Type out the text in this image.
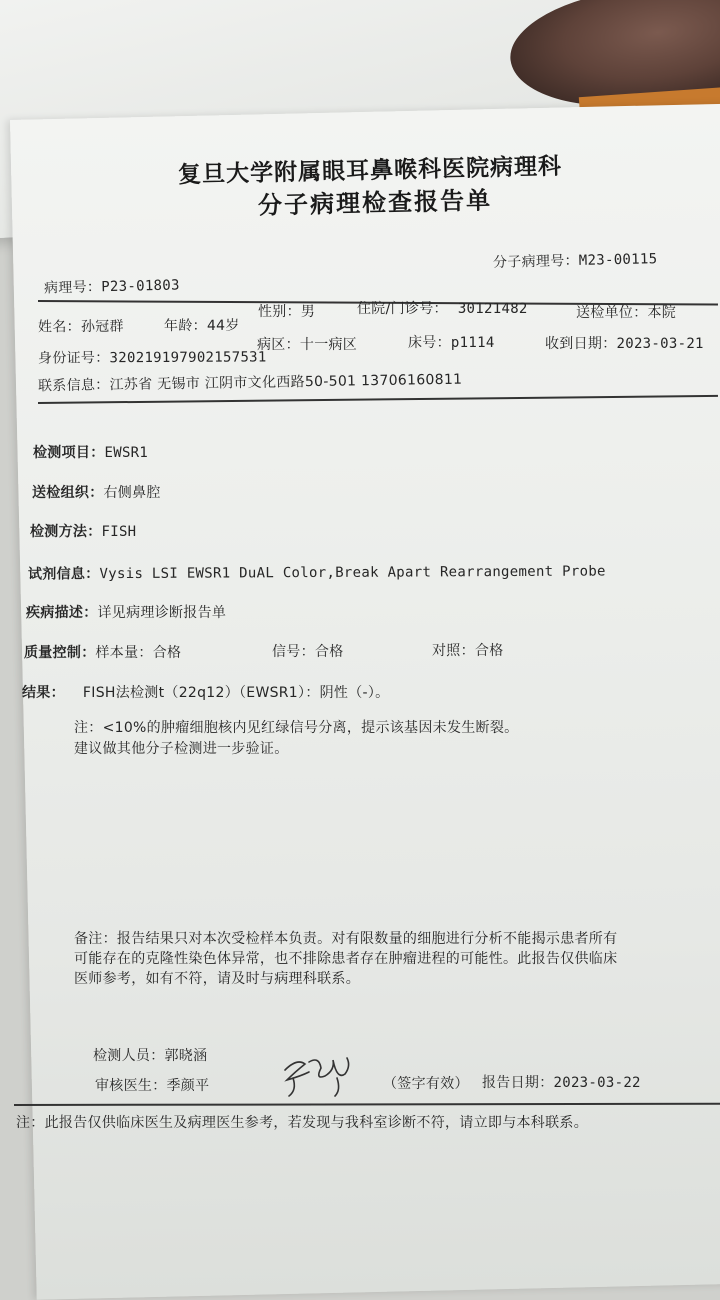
复旦大学附属眼耳鼻喉科医院病理科
分子病理检查报告单
分子病理号：M23-00115
病理号：P23-01803
姓名：孙冠群	年龄：44岁
性别：男	住院/门诊号： 30121482	送检单位：本院
身份证号：320219197902157531
病区：十一病区	床号：p1114	收到日期：2023-03-21
联系信息：江苏省 无锡市 江阴市文化西路50-501 13706160811
检测项目：EWSR1
送检组织：右侧鼻腔
检测方法：FISH
试剂信息：Vysis LSI EWSR1 DuAL Color,Break Apart Rearrangement Probe
疾病描述：详见病理诊断报告单
质量控制：样本量：合格	信号：合格	对照：合格
结果： FISH法检测t（22q12）（EWSR1）：阴性（-）。
注：<10%的肿瘤细胞核内见红绿信号分离，提示该基因未发生断裂。
建议做其他分子检测进一步验证。
备注：报告结果只对本次受检样本负责。对有限数量的细胞进行分析不能揭示患者所有
可能存在的克隆性染色体异常，也不排除患者存在肿瘤进程的可能性。此报告仅供临床
医师参考，如有不符，请及时与病理科联系。
检测人员：郭晓涵
审核医生：季颜平	（签字有效） 报告日期：2023-03-22
注：此报告仅供临床医生及病理医生参考，若发现与我科室诊断不符，请立即与本科联系。
